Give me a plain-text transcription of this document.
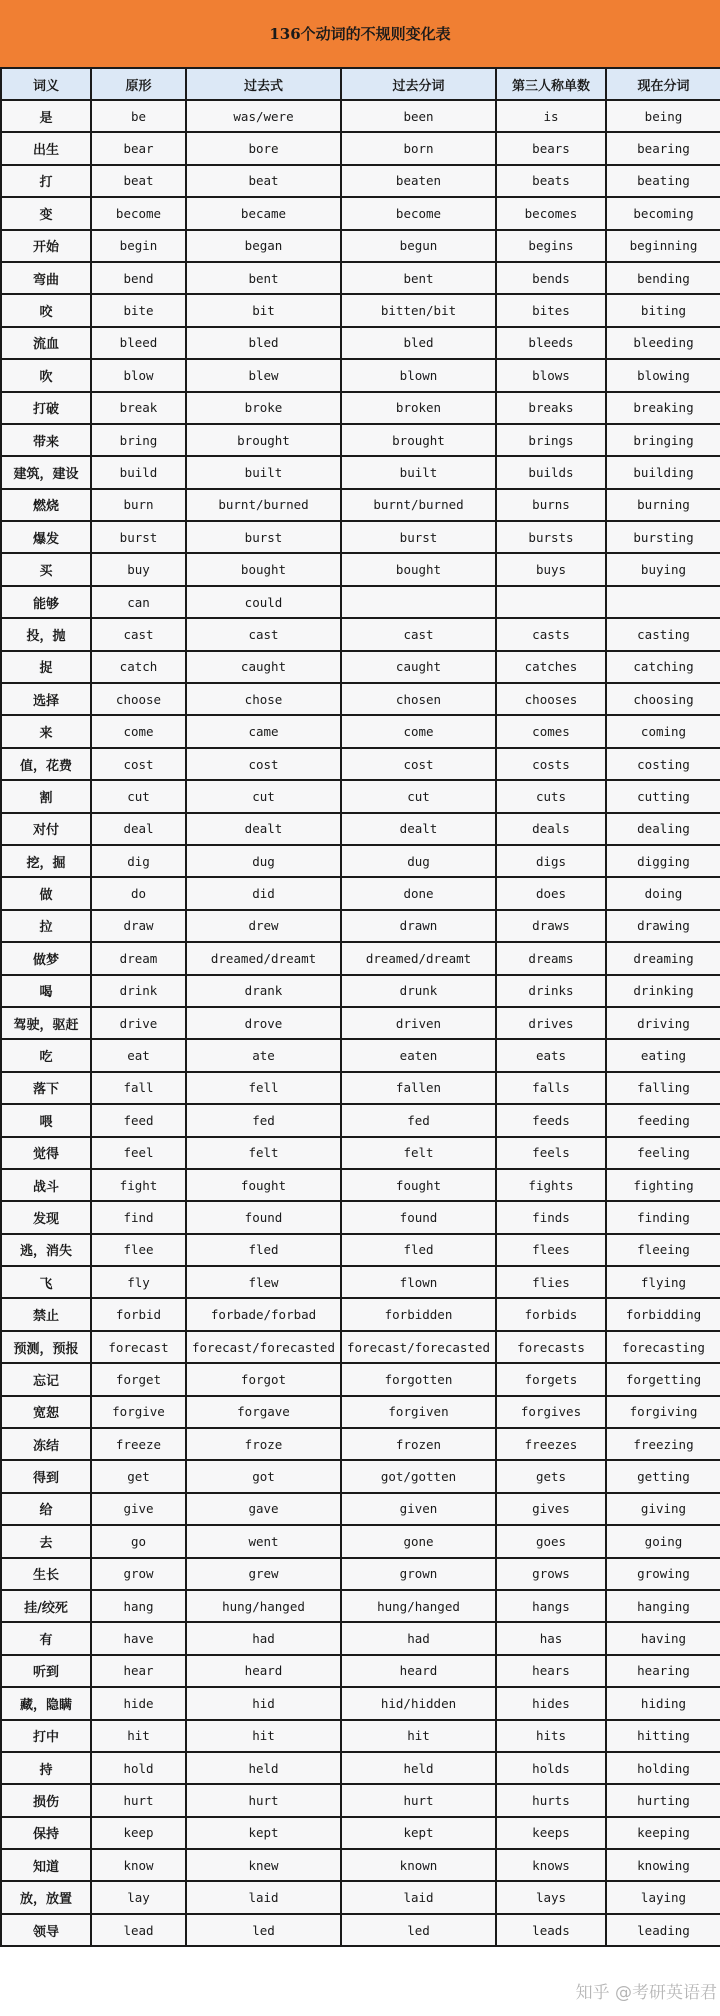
136个动词的不规则变化表
词义	原形	过去式	过去分词	第三人称单数	现在分词
是	be	was/were	been	is	being
出生	bear	bore	born	bears	bearing
打	beat	beat	beaten	beats	beating
变	become	became	become	becomes	becoming
开始	begin	began	begun	begins	beginning
弯曲	bend	bent	bent	bends	bending
咬	bite	bit	bitten/bit	bites	biting
流血	bleed	bled	bled	bleeds	bleeding
吹	blow	blew	blown	blows	blowing
打破	break	broke	broken	breaks	breaking
带来	bring	brought	brought	brings	bringing
建筑，建设	build	built	built	builds	building
燃烧	burn	burnt/burned	burnt/burned	burns	burning
爆发	burst	burst	burst	bursts	bursting
买	buy	bought	bought	buys	buying
能够	can	could			
投，抛	cast	cast	cast	casts	casting
捉	catch	caught	caught	catches	catching
选择	choose	chose	chosen	chooses	choosing
来	come	came	come	comes	coming
值，花费	cost	cost	cost	costs	costing
割	cut	cut	cut	cuts	cutting
对付	deal	dealt	dealt	deals	dealing
挖，掘	dig	dug	dug	digs	digging
做	do	did	done	does	doing
拉	draw	drew	drawn	draws	drawing
做梦	dream	dreamed/dreamt	dreamed/dreamt	dreams	dreaming
喝	drink	drank	drunk	drinks	drinking
驾驶，驱赶	drive	drove	driven	drives	driving
吃	eat	ate	eaten	eats	eating
落下	fall	fell	fallen	falls	falling
喂	feed	fed	fed	feeds	feeding
觉得	feel	felt	felt	feels	feeling
战斗	fight	fought	fought	fights	fighting
发现	find	found	found	finds	finding
逃，消失	flee	fled	fled	flees	fleeing
飞	fly	flew	flown	flies	flying
禁止	forbid	forbade/forbad	forbidden	forbids	forbidding
预测，预报	forecast	forecast/forecasted	forecast/forecasted	forecasts	forecasting
忘记	forget	forgot	forgotten	forgets	forgetting
宽恕	forgive	forgave	forgiven	forgives	forgiving
冻结	freeze	froze	frozen	freezes	freezing
得到	get	got	got/gotten	gets	getting
给	give	gave	given	gives	giving
去	go	went	gone	goes	going
生长	grow	grew	grown	grows	growing
挂/绞死	hang	hung/hanged	hung/hanged	hangs	hanging
有	have	had	had	has	having
听到	hear	heard	heard	hears	hearing
藏，隐瞒	hide	hid	hid/hidden	hides	hiding
打中	hit	hit	hit	hits	hitting
持	hold	held	held	holds	holding
损伤	hurt	hurt	hurt	hurts	hurting
保持	keep	kept	kept	keeps	keeping
知道	know	knew	known	knows	knowing
放，放置	lay	laid	laid	lays	laying
领导	lead	led	led	leads	leading
知乎 @考研英语君
